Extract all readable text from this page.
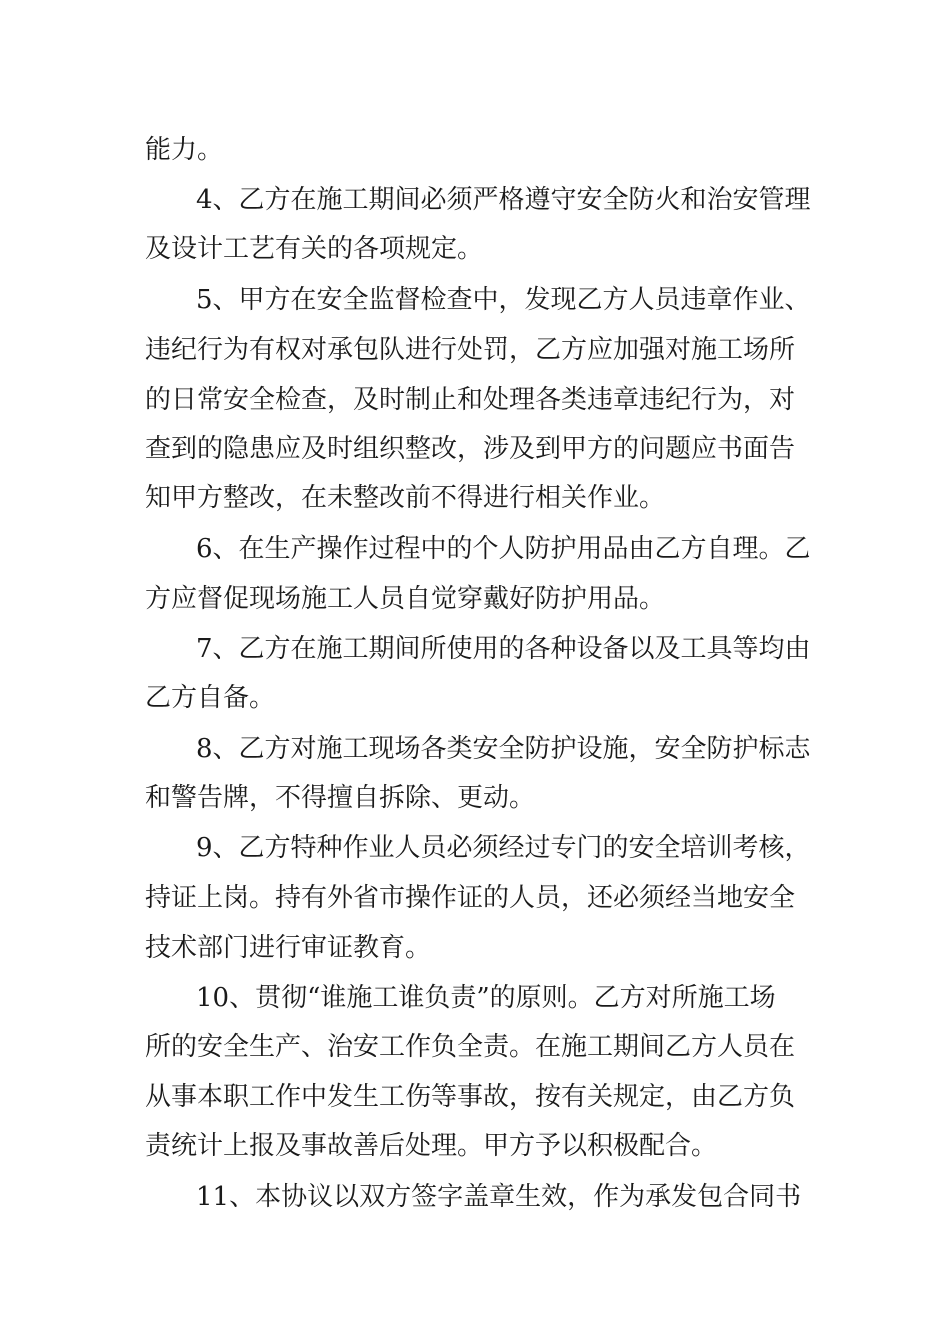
能力。
4、乙方在施工期间必须严格遵守安全防火和治安管理
及设计工艺有关的各项规定。
5、甲方在安全监督检查中，发现乙方人员违章作业、
违纪行为有权对承包队进行处罚，乙方应加强对施工场所
的日常安全检查，及时制止和处理各类违章违纪行为，对
查到的隐患应及时组织整改，涉及到甲方的问题应书面告
知甲方整改，在未整改前不得进行相关作业。
6、在生产操作过程中的个人防护用品由乙方自理。乙
方应督促现场施工人员自觉穿戴好防护用品。
7、乙方在施工期间所使用的各种设备以及工具等均由
乙方自备。
8、乙方对施工现场各类安全防护设施，安全防护标志
和警告牌，不得擅自拆除、更动。
9、乙方特种作业人员必须经过专门的安全培训考核，
持证上岗。持有外省市操作证的人员，还必须经当地安全
技术部门进行审证教育。
10、贯彻“谁施工谁负责”的原则。乙方对所施工场
所的安全生产、治安工作负全责。在施工期间乙方人员在
从事本职工作中发生工伤等事故，按有关规定，由乙方负
责统计上报及事故善后处理。甲方予以积极配合。
11、本协议以双方签字盖章生效，作为承发包合同书
